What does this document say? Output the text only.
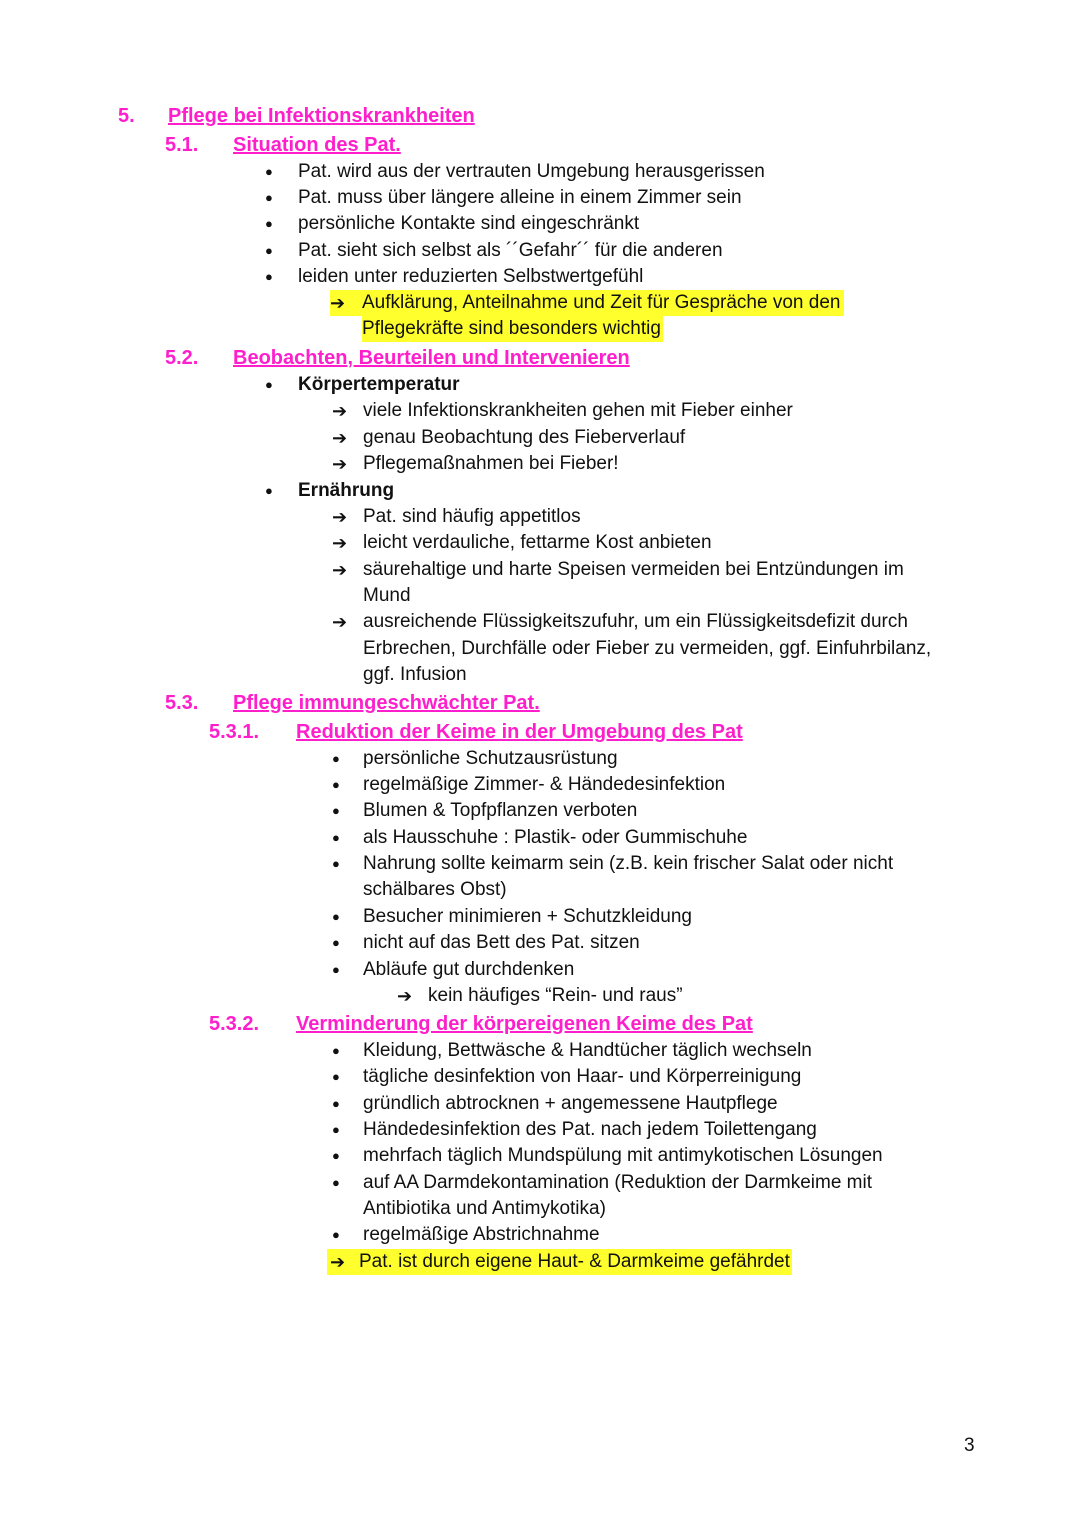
5. Pflege bei Infektionskrankheiten
5.1. Situation des Pat.
● Pat. wird aus der vertrauten Umgebung herausgerissen
● Pat. muss über längere alleine in einem Zimmer sein
● persönliche Kontakte sind eingeschränkt
● Pat. sieht sich selbst als ´´Gefahr´´ für die anderen
● leiden unter reduzierten Selbstwertgefühl
➔ Aufklärung, Anteilnahme und Zeit für Gespräche von den
Pflegekräfte sind besonders wichtig
5.2. Beobachten, Beurteilen und Intervenieren
● Körpertemperatur
➔ viele Infektionskrankheiten gehen mit Fieber einher
➔ genau Beobachtung des Fieberverlauf
➔ Pflegemaßnahmen bei Fieber!
● Ernährung
➔ Pat. sind häufig appetitlos
➔ leicht verdauliche, fettarme Kost anbieten
➔ säurehaltige und harte Speisen vermeiden bei Entzündungen im
Mund
➔ ausreichende Flüssigkeitszufuhr, um ein Flüssigkeitsdefizit durch
Erbrechen, Durchfälle oder Fieber zu vermeiden, ggf. Einfuhrbilanz,
ggf. Infusion
5.3. Pflege immungeschwächter Pat.
5.3.1. Reduktion der Keime in der Umgebung des Pat
● persönliche Schutzausrüstung
● regelmäßige Zimmer- & Händedesinfektion
● Blumen & Topfpflanzen verboten
● als Hausschuhe : Plastik- oder Gummischuhe
● Nahrung sollte keimarm sein (z.B. kein frischer Salat oder nicht
schälbares Obst)
● Besucher minimieren + Schutzkleidung
● nicht auf das Bett des Pat. sitzen
● Abläufe gut durchdenken
➔ kein häufiges “Rein- und raus”
5.3.2. Verminderung der körpereigenen Keime des Pat
● Kleidung, Bettwäsche & Handtücher täglich wechseln
● tägliche desinfektion von Haar- und Körperreinigung
● gründlich abtrocknen + angemessene Hautpflege
● Händedesinfektion des Pat. nach jedem Toilettengang
● mehrfach täglich Mundspülung mit antimykotischen Lösungen
● auf AA Darmdekontamination (Reduktion der Darmkeime mit
Antibiotika und Antimykotika)
● regelmäßige Abstrichnahme
➔ Pat. ist durch eigene Haut- & Darmkeime gefährdet
3
